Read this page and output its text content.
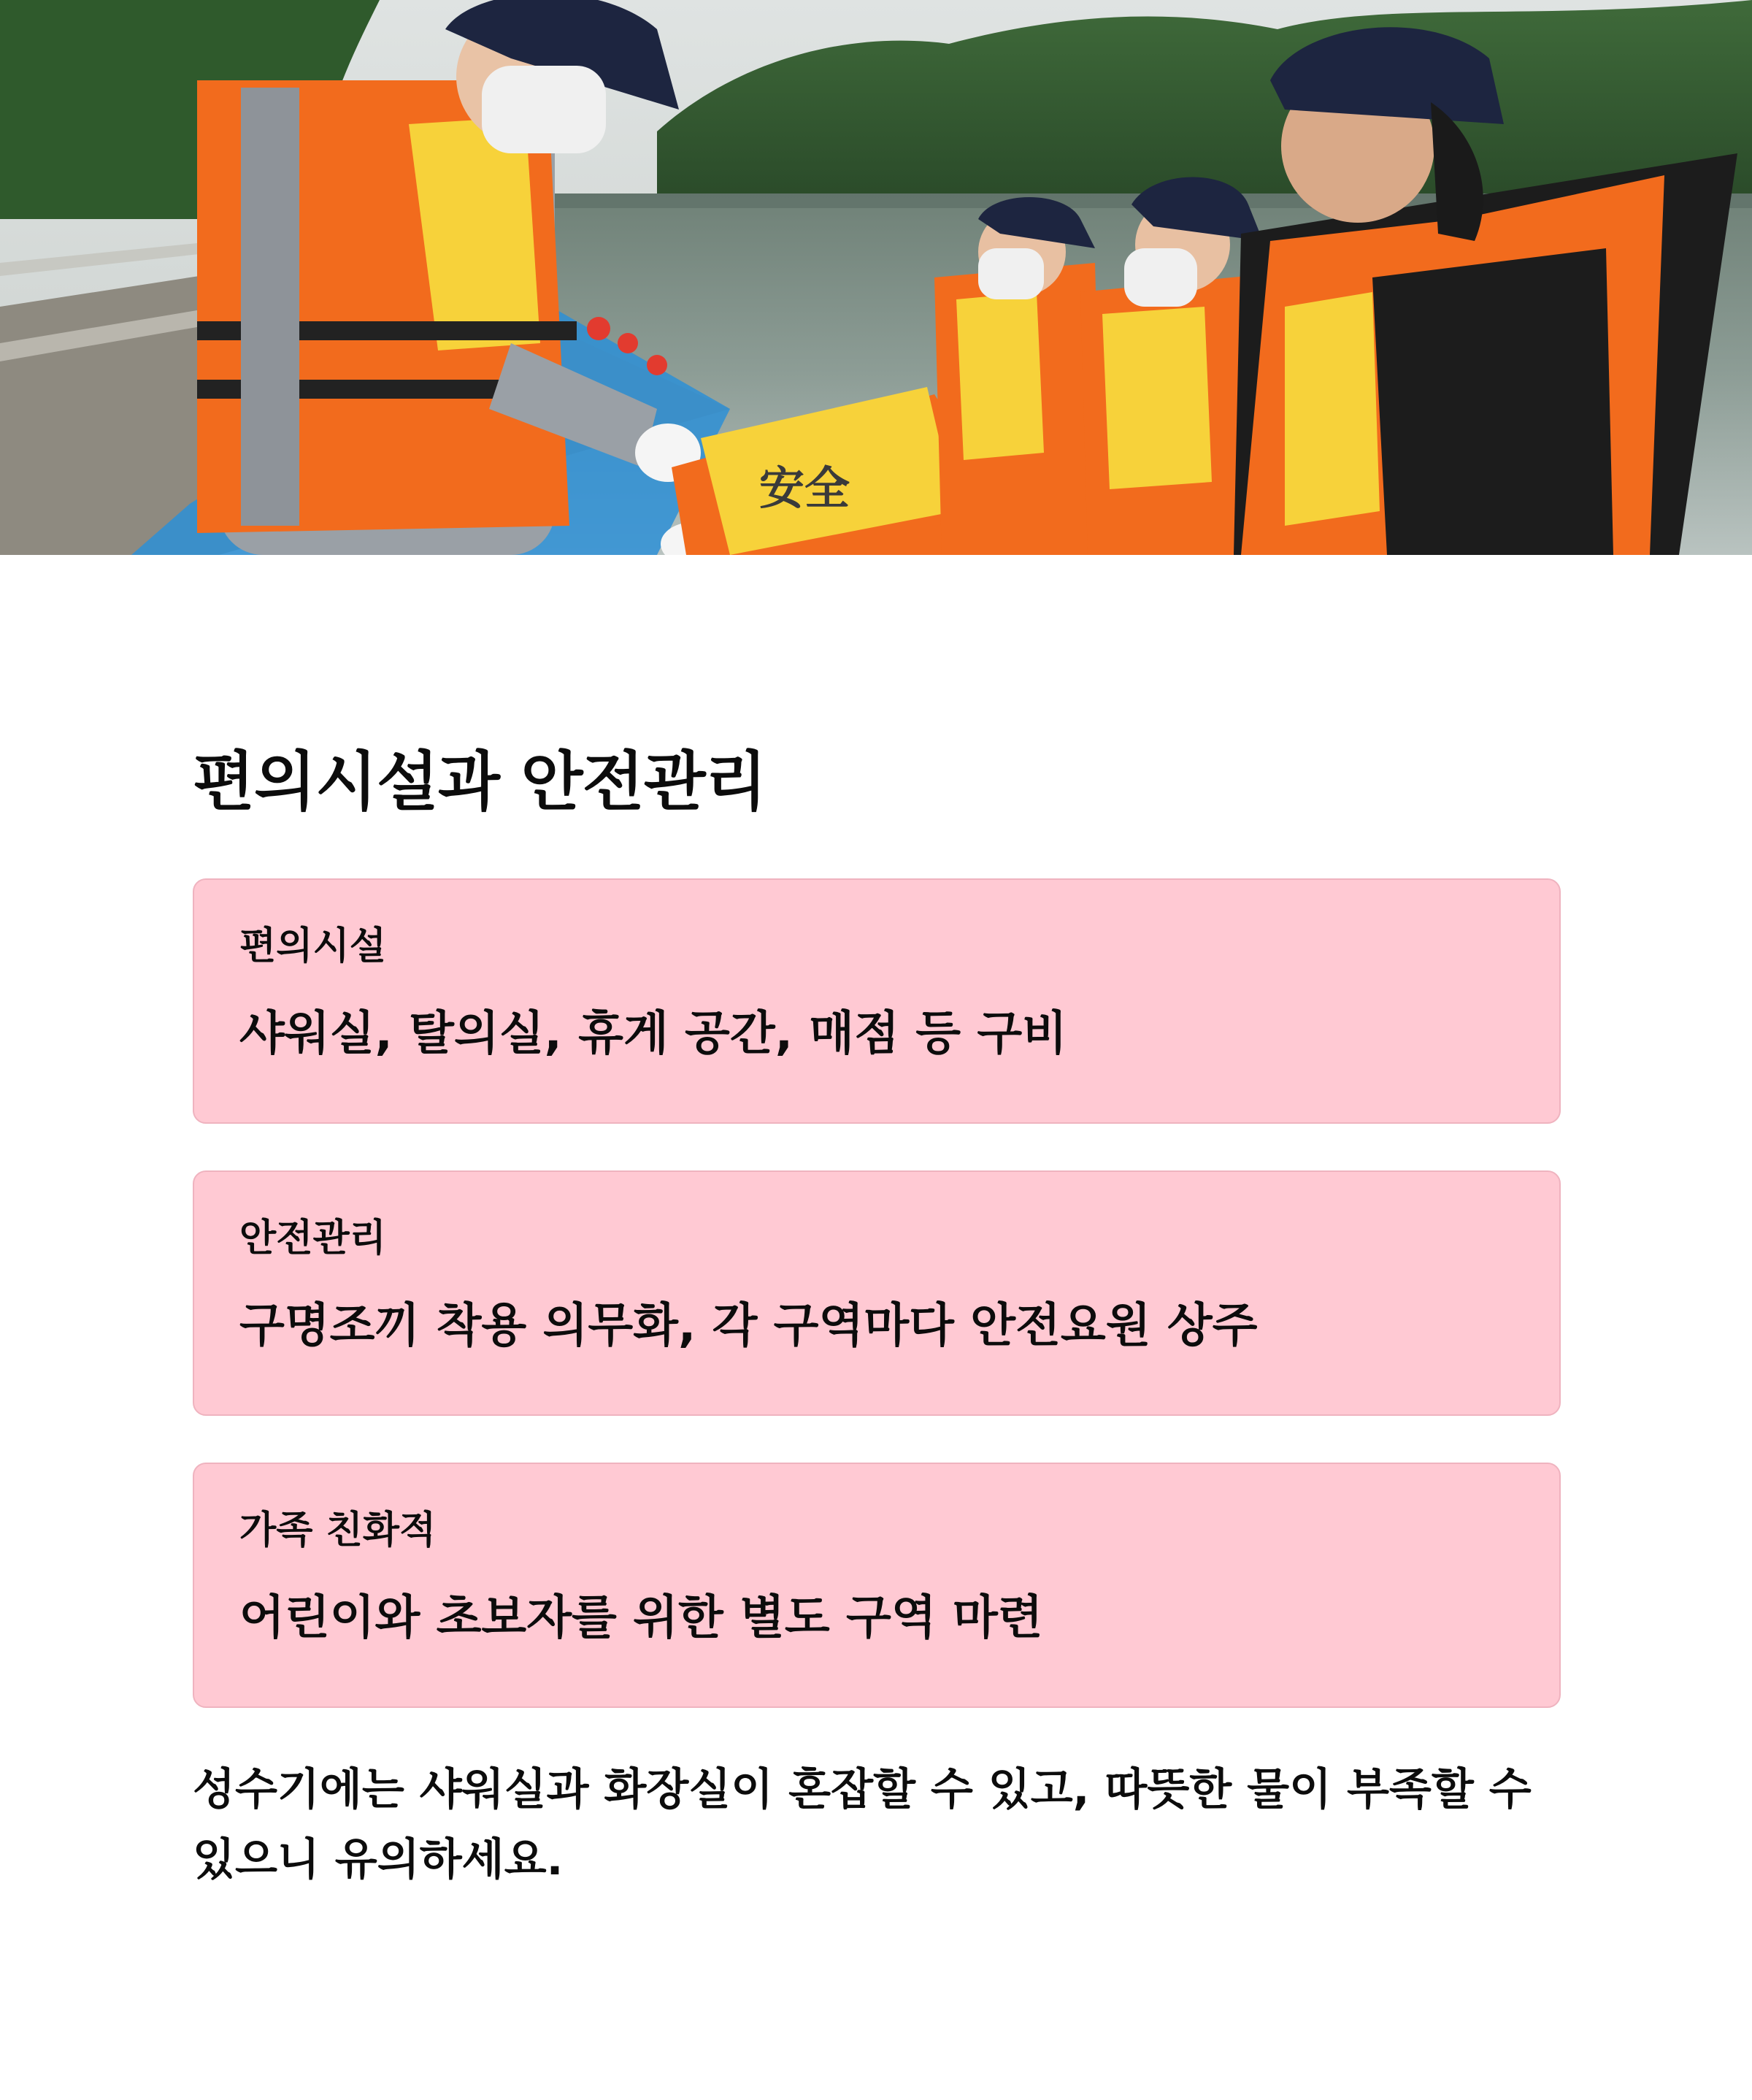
安全
편의시설과 안전관리
편의시설
샤워실, 탈의실, 휴게 공간, 매점 등 구비
안전관리
구명조끼 착용 의무화, 각 구역마다 안전요원 상주
가족 친화적
어린이와 초보자를 위한 별도 구역 마련

성수기에는 샤워실과 화장실이 혼잡할 수 있고, 따뜻한 물이 부족할 수 있으니 유의하세요.
